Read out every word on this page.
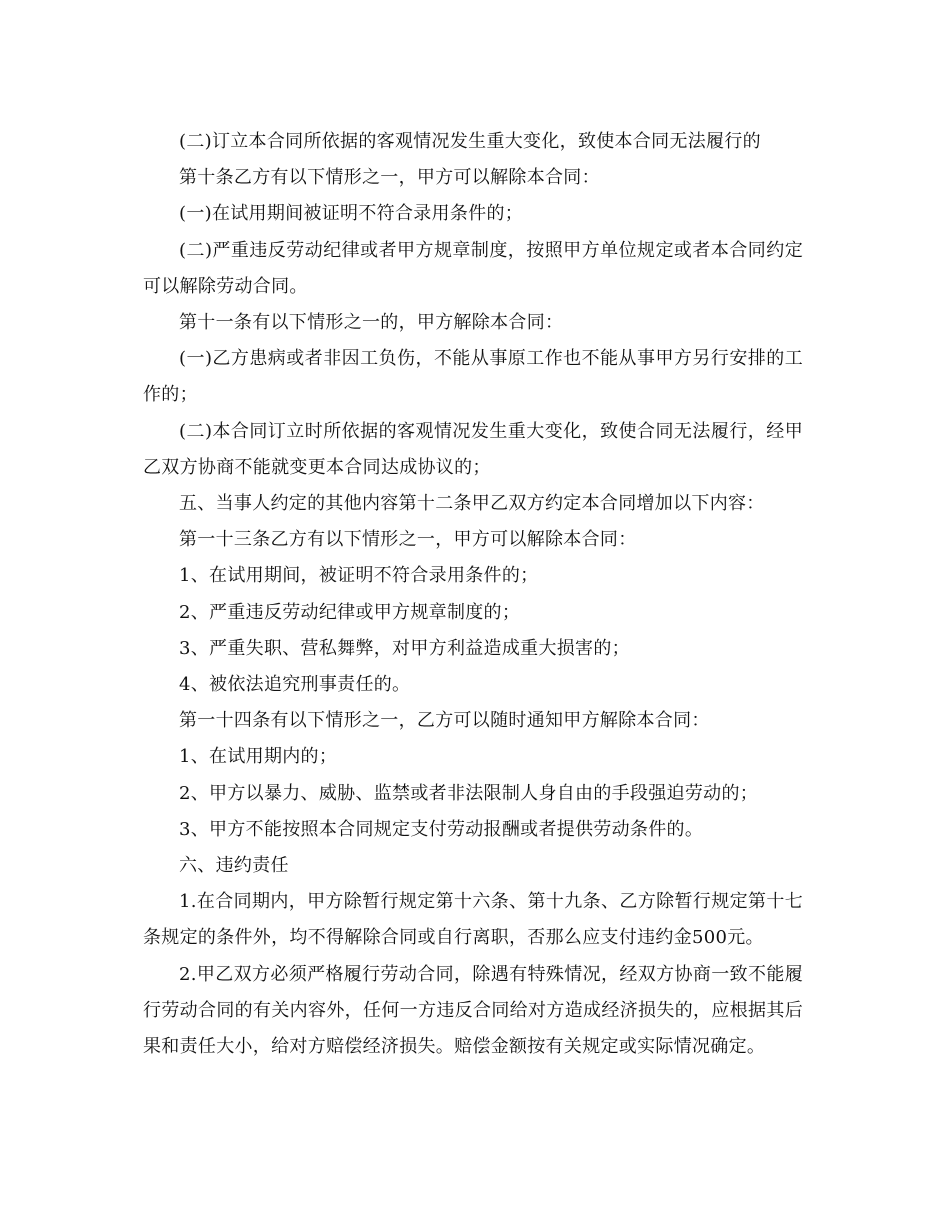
(二)订立本合同所依据的客观情况发生重大变化，致使本合同无法履行的

第十条乙方有以下情形之一，甲方可以解除本合同：

(一)在试用期间被证明不符合录用条件的；

(二)严重违反劳动纪律或者甲方规章制度，按照甲方单位规定或者本合同约定可以解除劳动合同。

第十一条有以下情形之一的，甲方解除本合同：

(一)乙方患病或者非因工负伤，不能从事原工作也不能从事甲方另行安排的工作的；

(二)本合同订立时所依据的客观情况发生重大变化，致使合同无法履行，经甲乙双方协商不能就变更本合同达成协议的；

五、当事人约定的其他内容第十二条甲乙双方约定本合同增加以下内容：

第一十三条乙方有以下情形之一，甲方可以解除本合同：

1、在试用期间，被证明不符合录用条件的；

2、严重违反劳动纪律或甲方规章制度的；

3、严重失职、营私舞弊，对甲方利益造成重大损害的；

4、被依法追究刑事责任的。

第一十四条有以下情形之一，乙方可以随时通知甲方解除本合同：

1、在试用期内的；

2、甲方以暴力、威胁、监禁或者非法限制人身自由的手段强迫劳动的；

3、甲方不能按照本合同规定支付劳动报酬或者提供劳动条件的。

六、违约责任

1.在合同期内，甲方除暂行规定第十六条、第十九条、乙方除暂行规定第十七条规定的条件外，均不得解除合同或自行离职，否那么应支付违约金500元。

2.甲乙双方必须严格履行劳动合同，除遇有特殊情况，经双方协商一致不能履行劳动合同的有关内容外，任何一方违反合同给对方造成经济损失的，应根据其后果和责任大小，给对方赔偿经济损失。赔偿金额按有关规定或实际情况确定。
